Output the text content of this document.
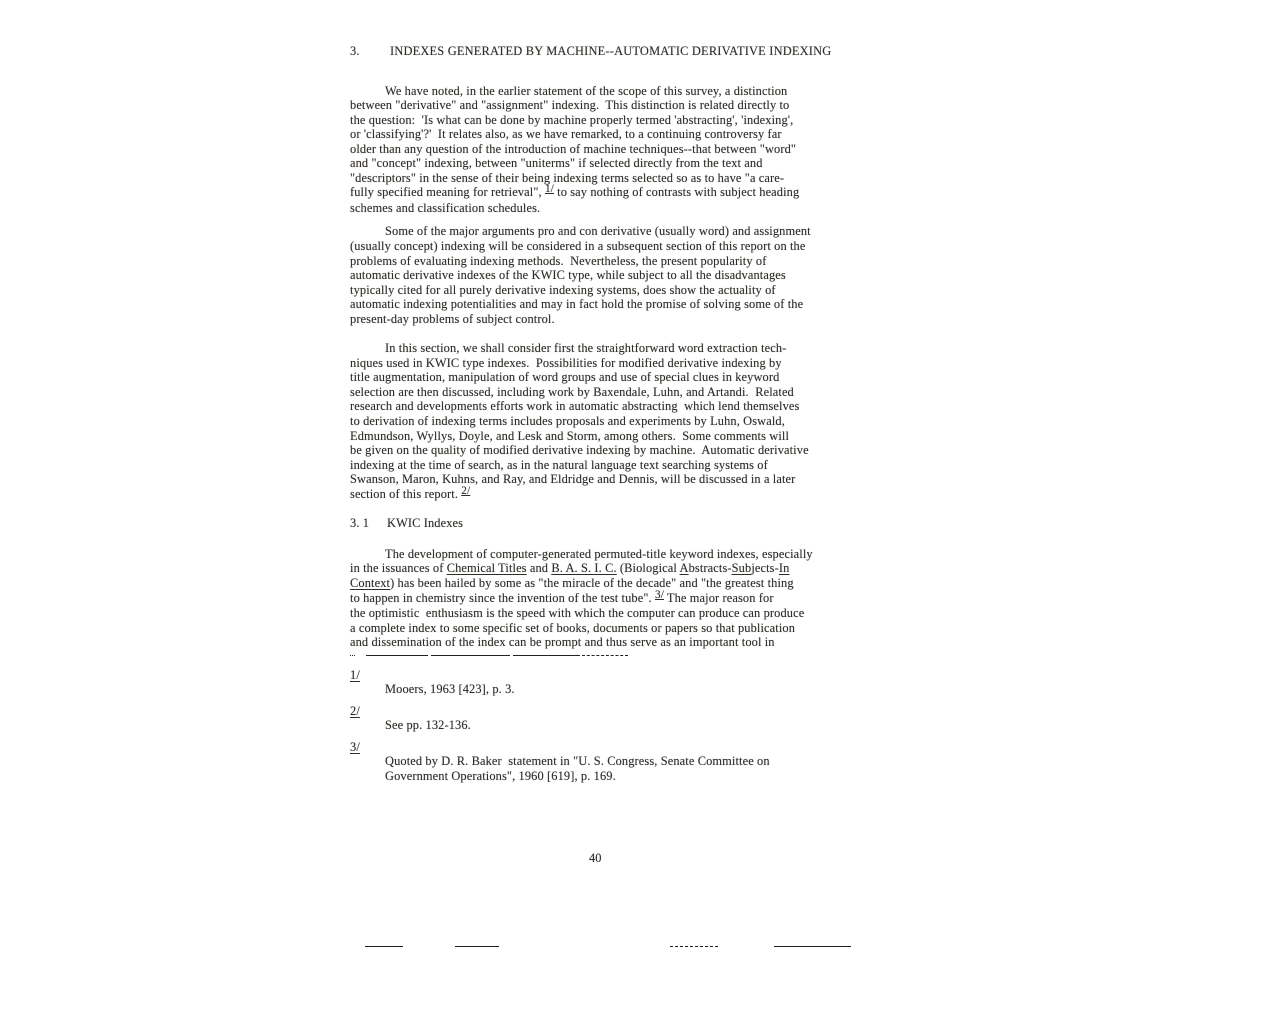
3.	INDEXES GENERATED BY MACHINE--AUTOMATIC DERIVATIVE INDEXING
We have noted, in the earlier statement of the scope of this survey, a distinction
between "derivative" and "assignment" indexing.  This distinction is related directly to
the question:  'Is what can be done by machine properly termed 'abstracting', 'indexing',
or 'classifying'?'  It relates also, as we have remarked, to a continuing controversy far
older than any question of the introduction of machine techniques--that between "word"
and "concept" indexing, between "uniterms" if selected directly from the text and
"descriptors" in the sense of their being indexing terms selected so as to have "a care-
fully specified meaning for retrieval", 1/ to say nothing of contrasts with subject heading
schemes and classification schedules.
Some of the major arguments pro and con derivative (usually word) and assignment
(usually concept) indexing will be considered in a subsequent section of this report on the
problems of evaluating indexing methods.  Nevertheless, the present popularity of
automatic derivative indexes of the KWIC type, while subject to all the disadvantages
typically cited for all purely derivative indexing systems, does show the actuality of
automatic indexing potentialities and may in fact hold the promise of solving some of the
present-day problems of subject control.
In this section, we shall consider first the straightforward word extraction tech-
niques used in KWIC type indexes.  Possibilities for modified derivative indexing by
title augmentation, manipulation of word groups and use of special clues in keyword
selection are then discussed, including work by Baxendale, Luhn, and Artandi.  Related
research and developments efforts work in automatic abstracting  which lend themselves
to derivation of indexing terms includes proposals and experiments by Luhn, Oswald,
Edmundson, Wyllys, Doyle, and Lesk and Storm, among others.  Some comments will
be given on the quality of modified derivative indexing by machine.  Automatic derivative
indexing at the time of search, as in the natural language text searching systems of
Swanson, Maron, Kuhns, and Ray, and Eldridge and Dennis, will be discussed in a later
section of this report. 2/
3. 1	KWIC Indexes
The development of computer-generated permuted-title keyword indexes, especially
in the issuances of Chemical Titles and B. A. S. I. C. (Biological Abstracts-Subjects-In
Context) has been hailed by some as "the miracle of the decade" and "the greatest thing
to happen in chemistry since the invention of the test tube". 3/ The major reason for
the optimistic  enthusiasm is the speed with which the computer can produce can produce
a complete index to some specific set of books, documents or papers so that publication
and dissemination of the index can be prompt and thus serve as an important tool in
1/
Mooers, 1963 [423], p. 3.
2/
See pp. 132-136.
3/
Quoted by D. R. Baker  statement in "U. S. Congress, Senate Committee on
Government Operations", 1960 [619], p. 169.
40
